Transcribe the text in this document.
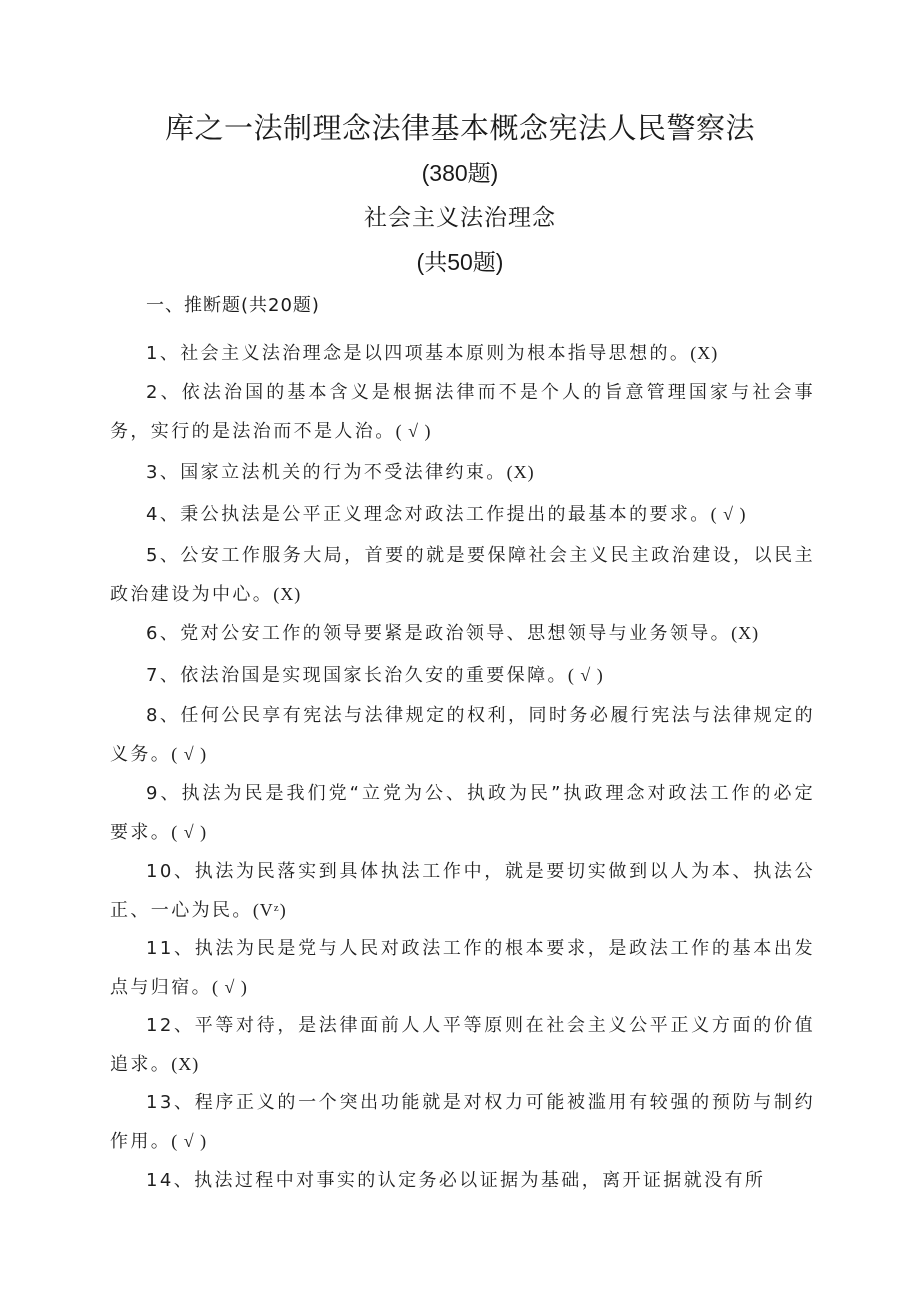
库之一法制理念法律基本概念宪法人民警察法
(380题)
社会主义法治理念
(共50题)
一、推断题(共20题)
1、社会主义法治理念是以四项基本原则为根本指导思想的。(X)
2、依法治国的基本含义是根据法律而不是个人的旨意管理国家与社会事务，实行的是法治而不是人治。( √ )
3、国家立法机关的行为不受法律约束。(X)
4、秉公执法是公平正义理念对政法工作提出的最基本的要求。( √ )
5、公安工作服务大局，首要的就是要保障社会主义民主政治建设，以民主政治建设为中心。(X)
6、党对公安工作的领导要紧是政治领导、思想领导与业务领导。(X)
7、依法治国是实现国家长治久安的重要保障。( √ )
8、任何公民享有宪法与法律规定的权利，同时务必履行宪法与法律规定的义务。( √ )
9、执法为民是我们党“立党为公、执政为民”执政理念对政法工作的必定要求。( √ )
10、执法为民落实到具体执法工作中，就是要切实做到以人为本、执法公正、一心为民。(Vᶻ)
11、执法为民是党与人民对政法工作的根本要求，是政法工作的基本出发点与归宿。( √ )
12、平等对待，是法律面前人人平等原则在社会主义公平正义方面的价值追求。(X)
13、程序正义的一个突出功能就是对权力可能被滥用有较强的预防与制约作用。( √ )
14、执法过程中对事实的认定务必以证据为基础，离开证据就没有所
